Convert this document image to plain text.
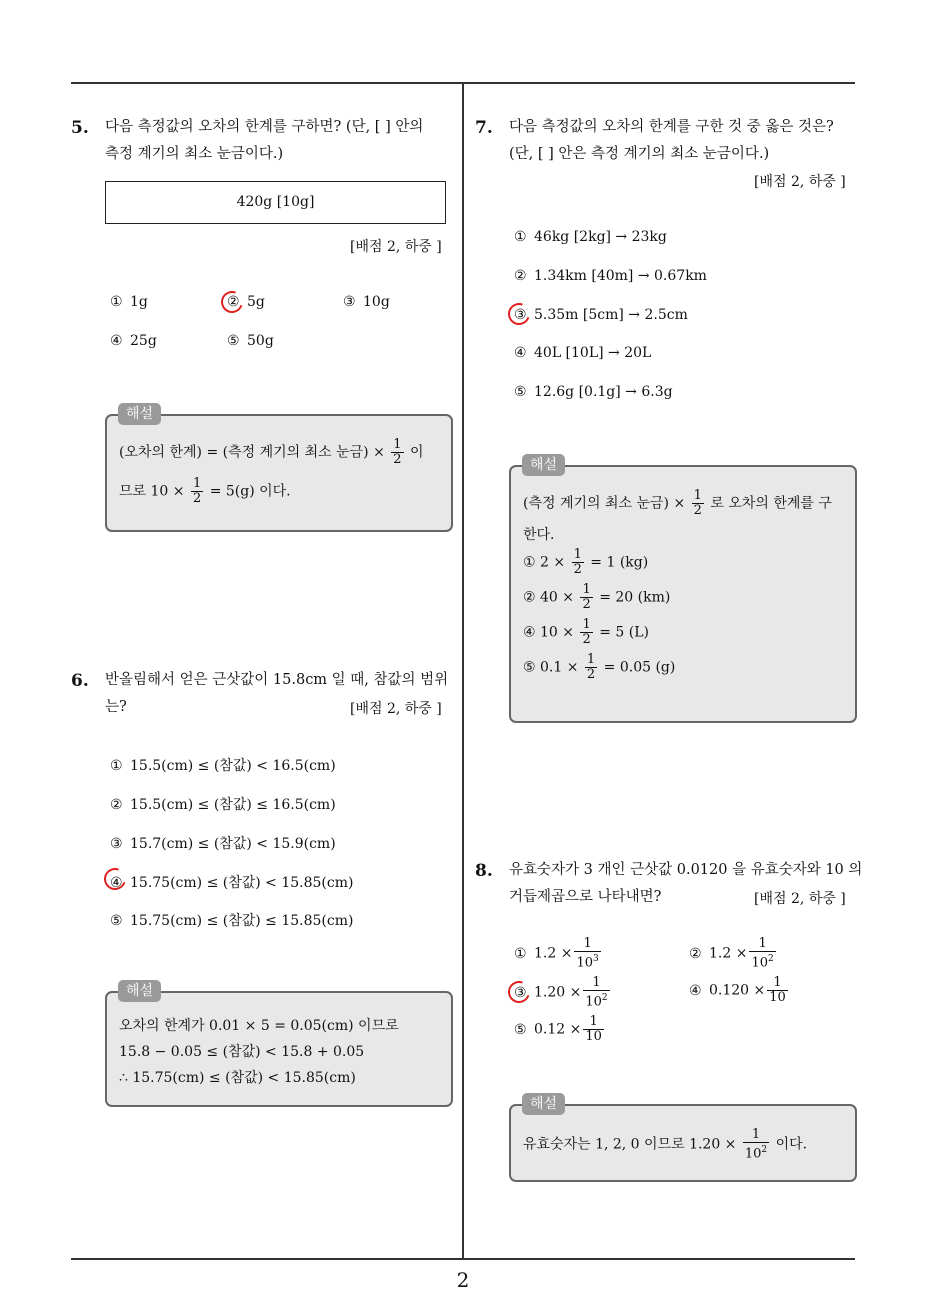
5. 다음 측정값의 오차의 한계를 구하면? (단, [ ] 안의
측정 계기의 최소 눈금이다.)
420g [10g]
[배점 2, 하중 ]
① 1g	② 5g	③ 10g
④ 25g	⑤ 50g
(오차의 한계) = (측정 계기의 최소 눈금) × $\frac{1}{2}$ 이
므로 $10 \times \frac{1}{2} = 5(g)$ 이다.
해설
6. 반올림해서 얻은 근삿값이 15.8cm 일 때, 참값의 범위
는?	[배점 2, 하중 ]
① 15.5(cm) ≤ (참값) < 16.5(cm)
② 15.5(cm) ≤ (참값) ≤ 16.5(cm)
③ 15.7(cm) ≤ (참값) < 15.9(cm)
④ 15.75(cm) ≤ (참값) < 15.85(cm)
⑤ 15.75(cm) ≤ (참값) ≤ 15.85(cm)
오차의 한계가 0.01 × 5 = 0.05(cm) 이므로
15.8 − 0.05 ≤ (참값) < 15.8 + 0.05
∴ 15.75(cm) ≤ (참값) < 15.85(cm)
해설
7. 다음 측정값의 오차의 한계를 구한 것 중 옳은 것은?
(단, [ ] 안은 측정 계기의 최소 눈금이다.)
[배점 2, 하중 ]
① 46kg [2kg] → 23kg
② 1.34km [40m] → 0.67km
③ 5.35m [5cm] → 2.5cm
④ 40L [10L] → 20L
⑤ 12.6g [0.1g] → 6.3g
(측정 계기의 최소 눈금) × $\frac{1}{2}$ 로 오차의 한계를 구
한다.
① $2 \times \frac{1}{2} = 1$ (kg)
② $40 \times \frac{1}{2} = 20$ (km)
④ $10 \times \frac{1}{2} = 5$ (L)
⑤ $0.1 \times \frac{1}{2} = 0.05$ (g)
해설
8. 유효숫자가 3 개인 근삿값 0.0120 을 유효숫자와 10 의
거듭제곱으로 나타내면?	[배점 2, 하중 ]
① $1.2 \times \frac{1}{10^3}$	② $1.2 \times \frac{1}{10^2}$
③ $1.20 \times \frac{1}{10^2}$	④ $0.120 \times \frac{1}{10}$
⑤ $0.12 \times \frac{1}{10}$
유효숫자는 1, 2, 0 이므로 $1.20 \times \frac{1}{10^2}$ 이다.
해설
2
